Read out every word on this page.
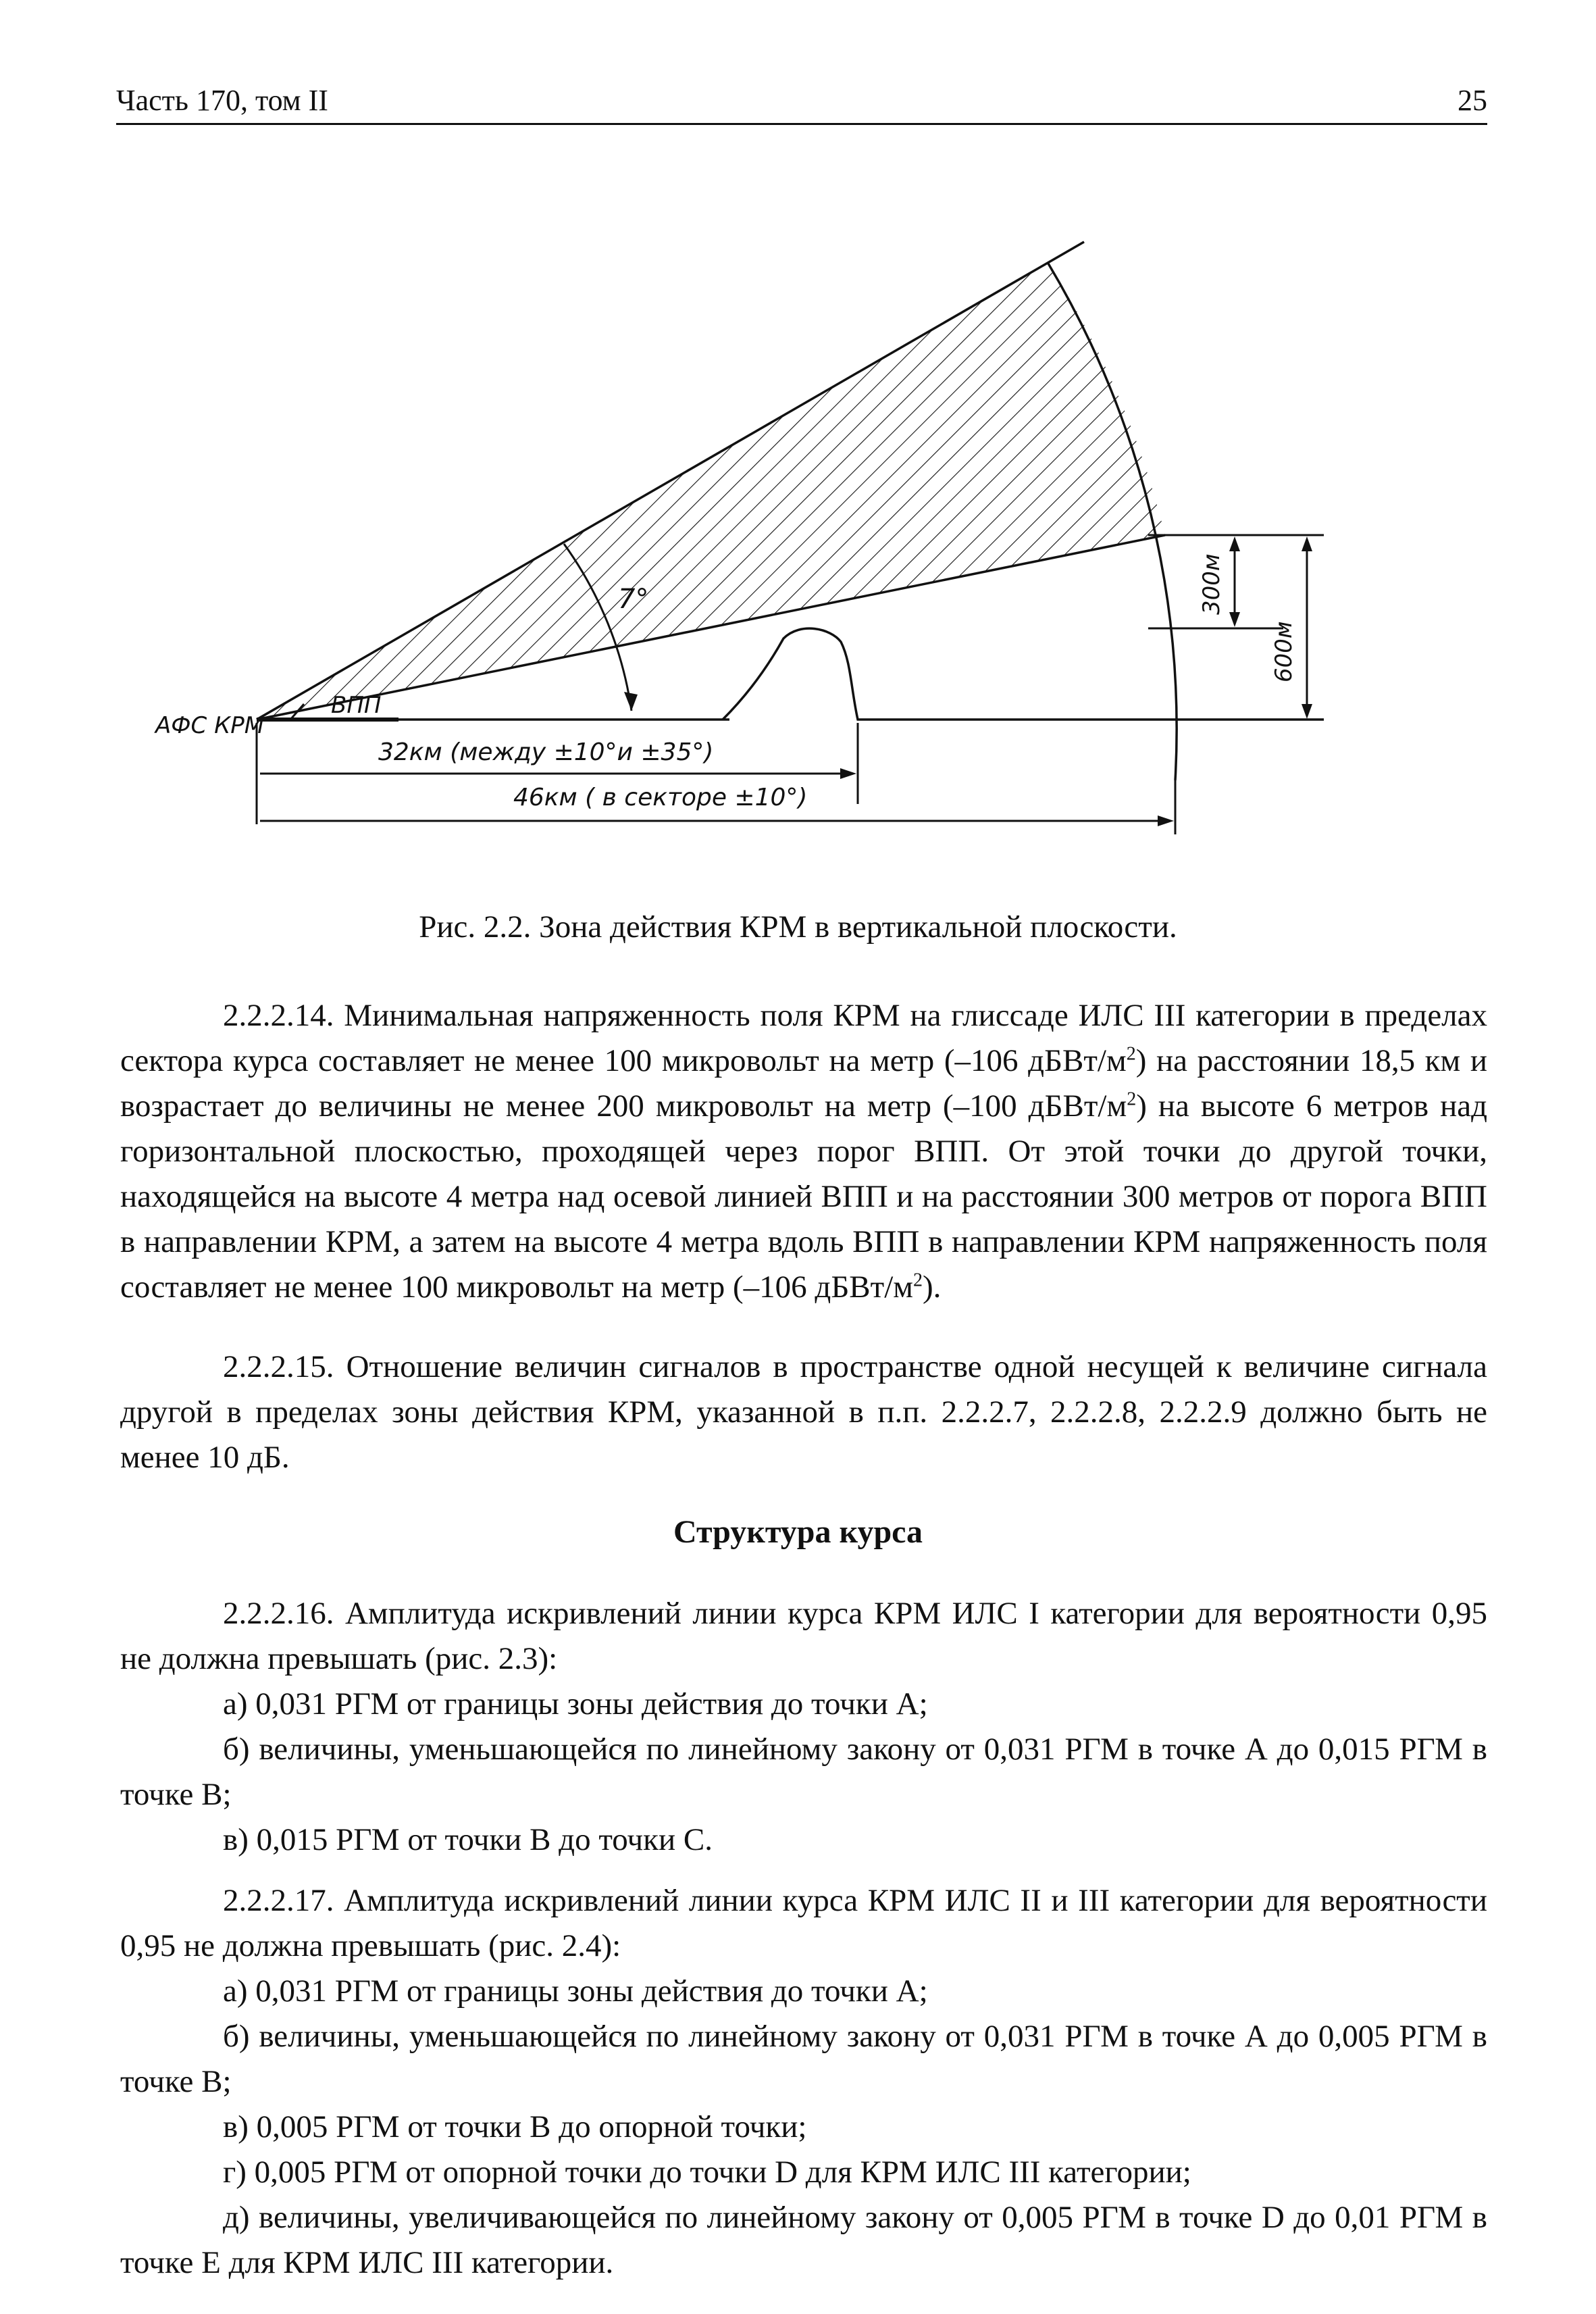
Часть 170, том II	25
АФС КРМ
ВПП
7°
32км (между ±10°и ±35°)
46км ( в секторе ±10°)
300м
600м
Рис. 2.2. Зона действия КРМ в вертикальной плоскости.

2.2.2.14. Минимальная напряженность поля КРМ на глиссаде ИЛС III категории в пределах сектора курса составляет не менее 100 микровольт на метр (–106 дБВт/$м^2$) на расстоянии 18,5 км и возрастает до величины не менее 200 микровольт на метр (–100 дБВт/$м^2$) на высоте 6 метров над горизонтальной плоскостью, проходящей через порог ВПП. От этой точки до другой точки, находящейся на высоте 4 метра над осевой линией ВПП и на расстоянии 300 метров от порога ВПП в направлении КРМ, а затем на высоте 4 метра вдоль ВПП в направлении КРМ напряженность поля составляет не менее 100 микровольт на метр (–106 дБВт/$м^2$).

2.2.2.15. Отношение величин сигналов в пространстве одной несущей к величине сигнала другой в пределах зоны действия КРМ, указанной в п.п. 2.2.2.7, 2.2.2.8, 2.2.2.9 должно быть не менее 10 дБ.

Структура курса

2.2.2.16. Амплитуда искривлений линии курса КРМ ИЛС I категории для вероятности 0,95 не должна превышать (рис. 2.3):

а) 0,031 РГМ от границы зоны действия до точки А;

б) величины, уменьшающейся по линейному закону от 0,031 РГМ в точке А до 0,015 РГМ в точке В;

в) 0,015 РГМ от точки В до точки С.

2.2.2.17. Амплитуда искривлений линии курса КРМ ИЛС II и III категории для вероятности 0,95 не должна превышать (рис. 2.4):

а) 0,031 РГМ от границы зоны действия до точки А;

б) величины, уменьшающейся по линейному закону от 0,031 РГМ в точке А до 0,005 РГМ в точке В;

в) 0,005 РГМ от точки В до опорной точки;

г) 0,005 РГМ от опорной точки до точки D для КРМ ИЛС III категории;

д) величины, увеличивающейся по линейному закону от 0,005 РГМ в точке D до 0,01 РГМ в точке Е для КРМ ИЛС III категории.
